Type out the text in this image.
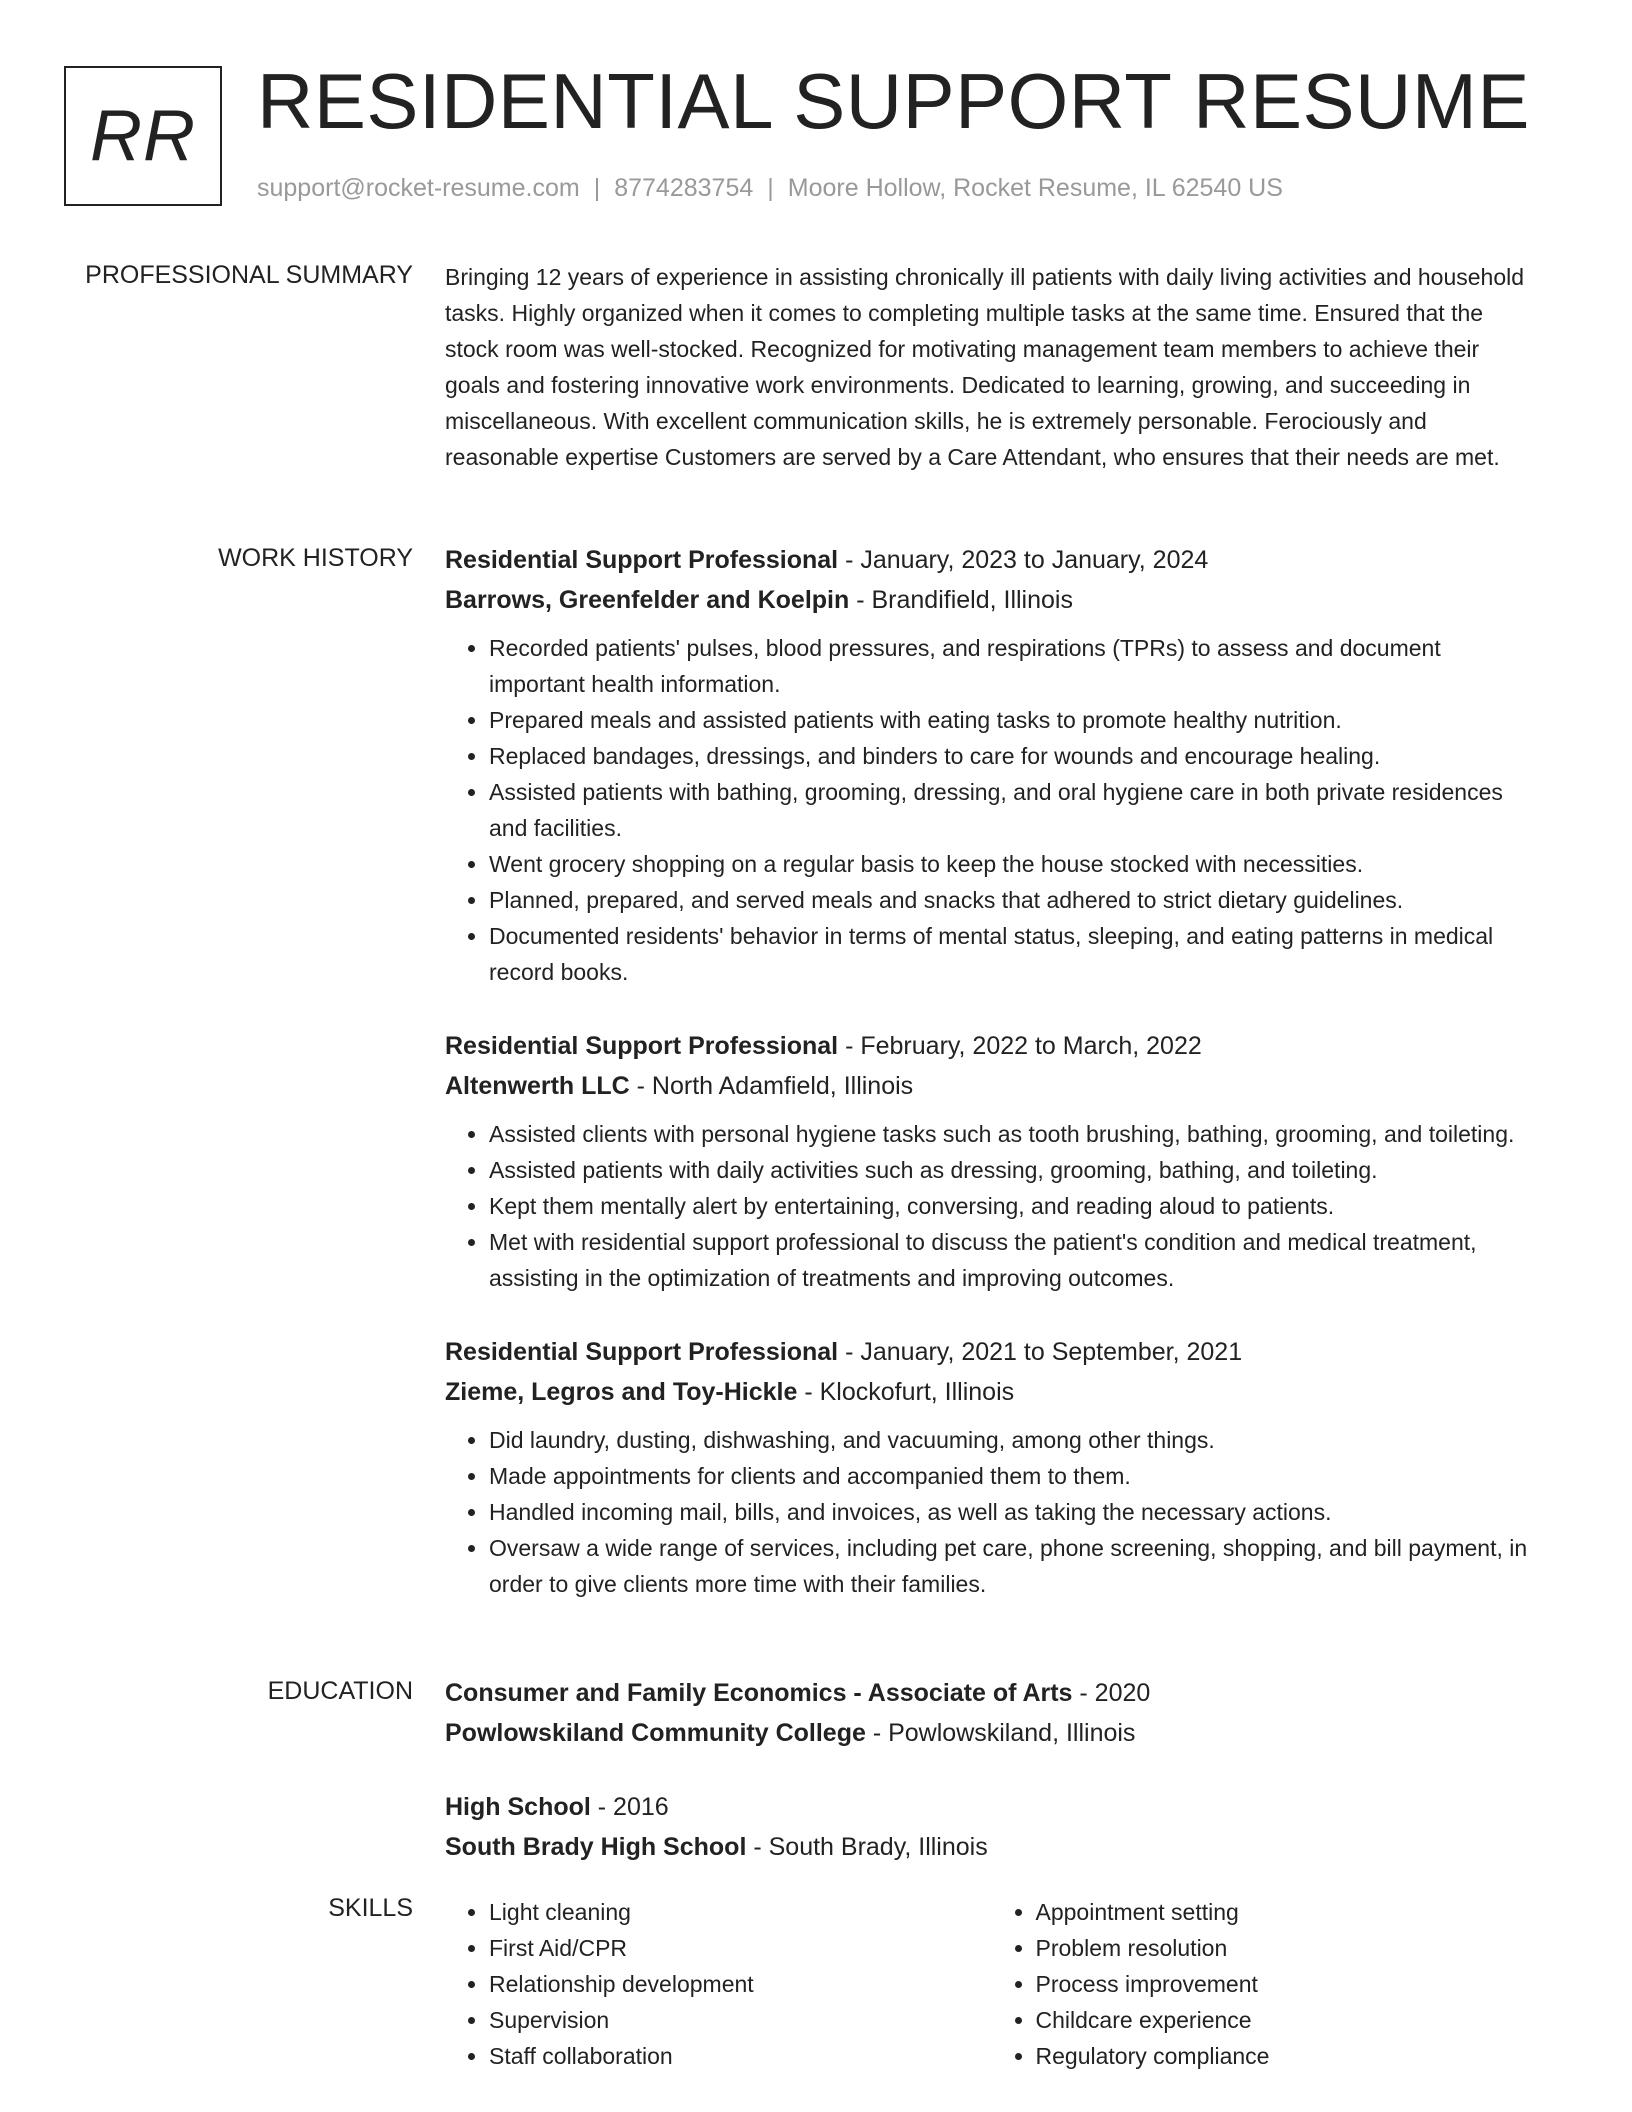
RR RESIDENTIAL SUPPORT RESUME
support@rocket-resume.com | 8774283754 | Moore Hollow, Rocket Resume, IL 62540 US
PROFESSIONAL SUMMARY Bringing 12 years of experience in assisting chronically ill patients with daily living activities and household tasks. Highly organized when it comes to completing multiple tasks at the same time. Ensured that the stock room was well-stocked. Recognized for motivating management team members to achieve their goals and fostering innovative work environments. Dedicated to learning, growing, and succeeding in miscellaneous. With excellent communication skills, he is extremely personable. Ferociously and reasonable expertise Customers are served by a Care Attendant, who ensures that their needs are met.

WORK HISTORY Residential Support Professional - January, 2023 to January, 2024
Barrows, Greenfelder and Koelpin - Brandifield, Illinois
• Recorded patients' pulses, blood pressures, and respirations (TPRs) to assess and document important health information.
• Prepared meals and assisted patients with eating tasks to promote healthy nutrition.
• Replaced bandages, dressings, and binders to care for wounds and encourage healing.
• Assisted patients with bathing, grooming, dressing, and oral hygiene care in both private residences and facilities.
• Went grocery shopping on a regular basis to keep the house stocked with necessities.
• Planned, prepared, and served meals and snacks that adhered to strict dietary guidelines.
• Documented residents' behavior in terms of mental status, sleeping, and eating patterns in medical record books.
Residential Support Professional - February, 2022 to March, 2022
Altenwerth LLC - North Adamfield, Illinois
• Assisted clients with personal hygiene tasks such as tooth brushing, bathing, grooming, and toileting.
• Assisted patients with daily activities such as dressing, grooming, bathing, and toileting.
• Kept them mentally alert by entertaining, conversing, and reading aloud to patients.
• Met with residential support professional to discuss the patient's condition and medical treatment, assisting in the optimization of treatments and improving outcomes.
Residential Support Professional - January, 2021 to September, 2021
Zieme, Legros and Toy-Hickle - Klockofurt, Illinois
• Did laundry, dusting, dishwashing, and vacuuming, among other things.
• Made appointments for clients and accompanied them to them.
• Handled incoming mail, bills, and invoices, as well as taking the necessary actions.
• Oversaw a wide range of services, including pet care, phone screening, shopping, and bill payment, in order to give clients more time with their families.
EDUCATION Consumer and Family Economics - Associate of Arts - 2020
Powlowskiland Community College - Powlowskiland, Illinois
High School - 2016
South Brady High School - South Brady, Illinois
SKILLS
•	Light cleaning
• First Aid/CPR
• Relationship development
• Supervision
• Staff collaboration
• Appointment setting
• Problem resolution
• Process improvement
• Childcare experience
• Regulatory compliance
